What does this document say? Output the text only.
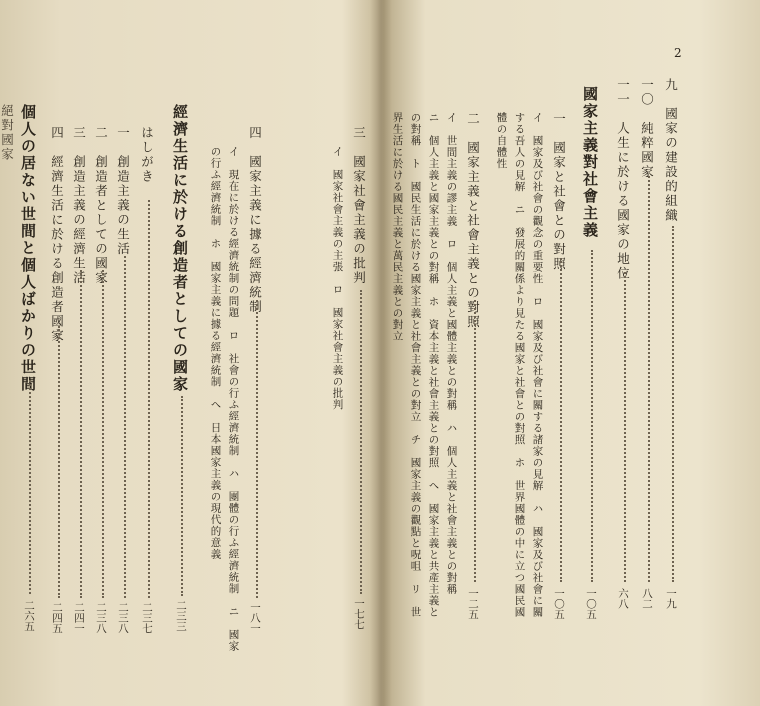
2
九　國家の建設的組織
一九
一〇　純粹國家
八二
一一　人生に於ける國家の地位
六八
國家主義對社會主義
一〇五
一　國家と社會との對照
一〇五
イ　國家及び社會の觀念の重要性　ロ　國家及び社會に關する諸家の見解　ハ　國家及び社會に關
する吾人の見解　ニ　發展的關係より見たる國家と社會との對照　ホ　世界國體の中に立つ國民國
體の自體性
二　國家主義と社會主義との對照
一二五
イ　世間主義の謬主義　ロ　個人主義と國體主義との對稱　ハ　個人主義と社會主義との對稱
ニ　個人主義と國家主義との對稱　ホ　資本主義と社會主義との對照　へ　國家主義と共產主義と
の對稱　ト　國民生活に於ける國家主義と社會主義との對立　チ　國家主義の觀點と呪咀　リ　世
界生活に於ける國民主義と萬民主義との對立
三　國家社會主義の批判
一七七
イ　國家社會主義の主張　ロ　國家社會主義の批判
四　國家主義に據る經濟統制
一八一
イ　現在に於ける經濟統制の問題　ロ　社會の行ふ經濟統制　ハ　團體の行ふ經濟統制　ニ　國家
の行ふ經濟統制　ホ　國家主義に據る經濟統制　へ　日本國家主義の現代的意義
經濟生活に於ける創造者としての國家
二三三
はしがき
二三七
一　創造主義の生活
二三八
二　創造者としての國家
二三八
三　創造主義の經濟生活
二四一
四　經濟生活に於ける創造者國家
二四五
個人の居ない世間と個人ばかりの世間
二六五
絕對國家
